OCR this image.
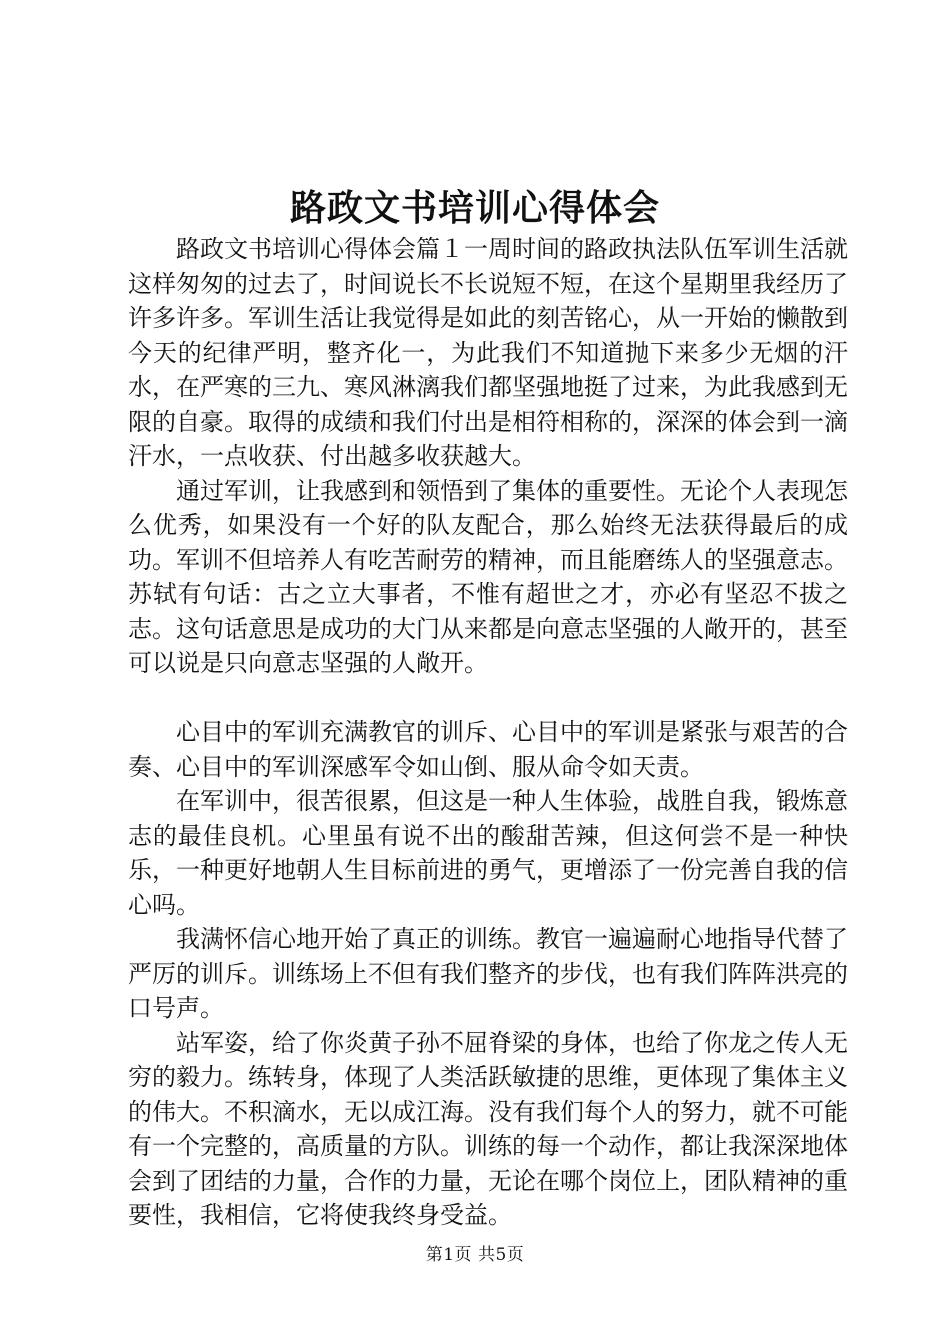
路政文书培训心得体会

路政文书培训心得体会篇１一周时间的路政执法队伍军训生活就这样匆匆的过去了，时间说长不长说短不短，在这个星期里我经历了许多许多。军训生活让我觉得是如此的刻苦铭心，从一开始的懒散到今天的纪律严明，整齐化一，为此我们不知道抛下来多少无烟的汗水，在严寒的三九、寒风淋漓我们都坚强地挺了过来，为此我感到无限的自豪。取得的成绩和我们付出是相符相称的，深深的体会到一滴汗水，一点收获、付出越多收获越大。

通过军训，让我感到和领悟到了集体的重要性。无论个人表现怎么优秀，如果没有一个好的队友配合，那么始终无法获得最后的成功。军训不但培养人有吃苦耐劳的精神，而且能磨练人的坚强意志。苏轼有句话：古之立大事者，不惟有超世之才，亦必有坚忍不拔之志。这句话意思是成功的大门从来都是向意志坚强的人敞开的，甚至可以说是只向意志坚强的人敞开。

心目中的军训充满教官的训斥、心目中的军训是紧张与艰苦的合奏、心目中的军训深感军令如山倒、服从命令如天责。

在军训中，很苦很累，但这是一种人生体验，战胜自我，锻炼意志的最佳良机。心里虽有说不出的酸甜苦辣，但这何尝不是一种快乐，一种更好地朝人生目标前进的勇气，更增添了一份完善自我的信心吗。

我满怀信心地开始了真正的训练。教官一遍遍耐心地指导代替了严厉的训斥。训练场上不但有我们整齐的步伐，也有我们阵阵洪亮的口号声。

站军姿，给了你炎黄子孙不屈脊梁的身体，也给了你龙之传人无穷的毅力。练转身，体现了人类活跃敏捷的思维，更体现了集体主义的伟大。不积滴水，无以成江海。没有我们每个人的努力，就不可能有一个完整的，高质量的方队。训练的每一个动作，都让我深深地体会到了团结的力量，合作的力量，无论在哪个岗位上，团队精神的重要性，我相信，它将使我终身受益。

第1页 共5页
